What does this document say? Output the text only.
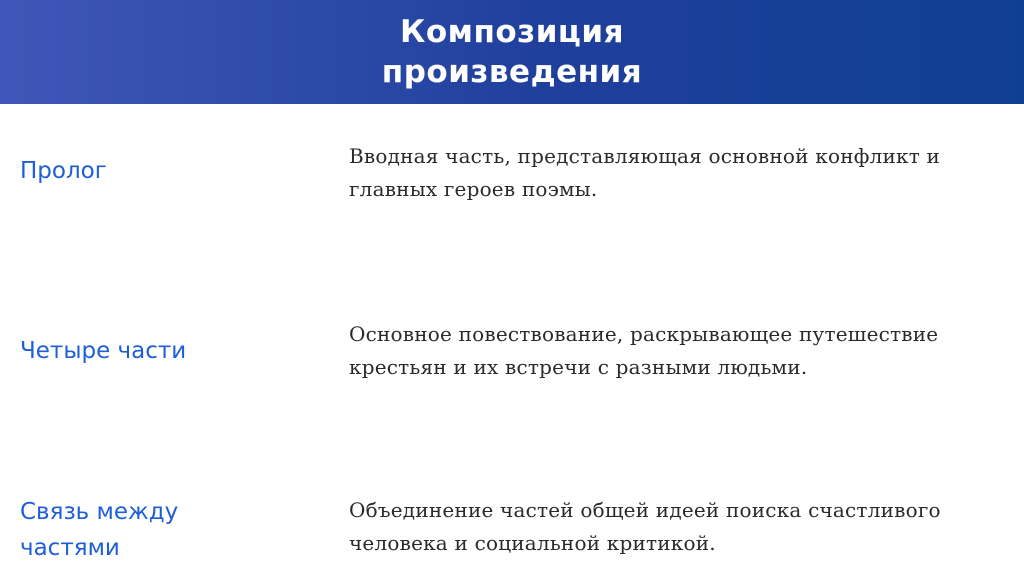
Композиция
произведения
Пролог
Вводная часть, представляющая основной конфликт и
главных героев поэмы.
Четыре части
Основное повествование, раскрывающее путешествие
крестьян и их встречи с разными людьми.
Связь между
частями
Объединение частей общей идеей поиска счастливого
человека и социальной критикой.
